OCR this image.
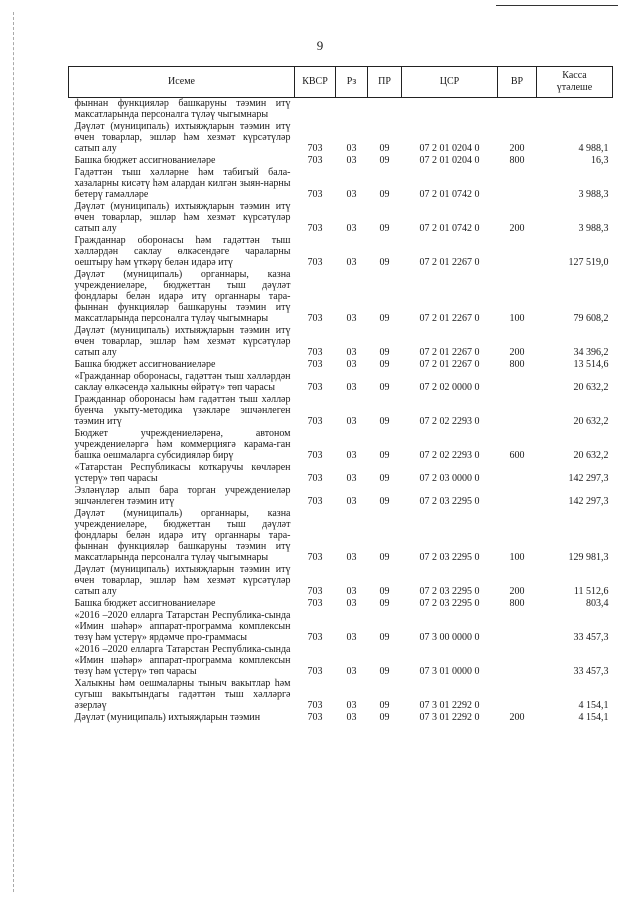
9
Исеме	КВСР	Рз	ПР	ЦСР	ВР	Касса
үтәлеше

фыннан функцияләр башкаруны тәэмин итү максатларында персоналга түләү чыгымнары						
Дәүләт (муниципаль) ихтыяҗларын тәэмин итү өчен товарлар, эшләр һәм хезмәт күрсәтүләр сатып алу	703	03	09	07 2 01 0204 0	200	4 988,1
Башка бюджет ассигнованиеләре	703	03	09	07 2 01 0204 0	800	16,3
Гадәттән тыш хәлләрне һәм табигый бала-хазаларны кисәтү һәм алардан килгән зыян-нарны бетерү гамәлләре	703	03	09	07 2 01 0742 0		3 988,3
Дәүләт (муниципаль) ихтыяҗларын тәэмин итү өчен товарлар, эшләр һәм хезмәт күрсәтүләр сатып алу	703	03	09	07 2 01 0742 0	200	3 988,3
Гражданнар оборонасы һәм гадәттән тыш хәлләрдән саклау өлкәсендәге чараларны оештыру һәм үткәрү белән идарә итү	703	03	09	07 2 01 2267 0		127 519,0
Дәүләт (муниципаль) органнары, казна учреждениеләре, бюджеттан тыш дәүләт фондлары белән идарә итү органнары тара-фыннан функцияләр башкаруны тәэмин итү максатларында персоналга түләү чыгымнары	703	03	09	07 2 01 2267 0	100	79 608,2
Дәүләт (муниципаль) ихтыяҗларын тәэмин итү өчен товарлар, эшләр һәм хезмәт күрсәтүләр сатып алу	703	03	09	07 2 01 2267 0	200	34 396,2
Башка бюджет ассигнованиеләре	703	03	09	07 2 01 2267 0	800	13 514,6
«Гражданнар оборонасы, гадәттән тыш хәлләрдән саклау өлкәсендә халыкны өйрәтү» төп чарасы	703	03	09	07 2 02 0000 0		20 632,2
Гражданнар оборонасы һәм гадәттән тыш хәлләр буенча укыту-методика үзәкләре эшчәнлеген тәэмин итү	703	03	09	07 2 02 2293 0		20 632,2
Бюджет учреждениеләренә, автоном учреждениеләргә һәм коммерциягә карама-ган башка оешмаларга субсидияләр бирү	703	03	09	07 2 02 2293 0	600	20 632,2
«Татарстан Республикасы коткаручы көчләрен үстерү» төп чарасы	703	03	09	07 2 03 0000 0		142 297,3
Эзләнүләр алып бара торган учреждениеләр эшчәнлеген тәэмин итү	703	03	09	07 2 03 2295 0		142 297,3
Дәүләт (муниципаль) органнары, казна учреждениеләре, бюджеттан тыш дәүләт фондлары белән идарә итү органнары тара-фыннан функцияләр башкаруны тәэмин итү максатларында персоналга түләү чыгымнары	703	03	09	07 2 03 2295 0	100	129 981,3
Дәүләт (муниципаль) ихтыяҗларын тәэмин итү өчен товарлар, эшләр һәм хезмәт күрсәтүләр сатып алу	703	03	09	07 2 03 2295 0	200	11 512,6
Башка бюджет ассигнованиеләре	703	03	09	07 2 03 2295 0	800	803,4
«2016 –2020 елларга Татарстан Республика-сында «Имин шәһәр» аппарат-программа комплексын төзү һәм үстерү» ярдәмче про-граммасы	703	03	09	07 3 00 0000 0		33 457,3
«2016 –2020 елларга Татарстан Республика-сында «Имин шәһәр» аппарат-программа комплексын төзү һәм үстерү» төп чарасы	703	03	09	07 3 01 0000 0		33 457,3
Халыкны һәм оешмаларны тыныч вакытлар һәм сугыш вакытындагы гадәттән тыш хәлләргә әзерләү	703	03	09	07 3 01 2292 0		4 154,1
Дәүләт (муниципаль) ихтыяҗларын тәэмин	703	03	09	07 3 01 2292 0	200	4 154,1
